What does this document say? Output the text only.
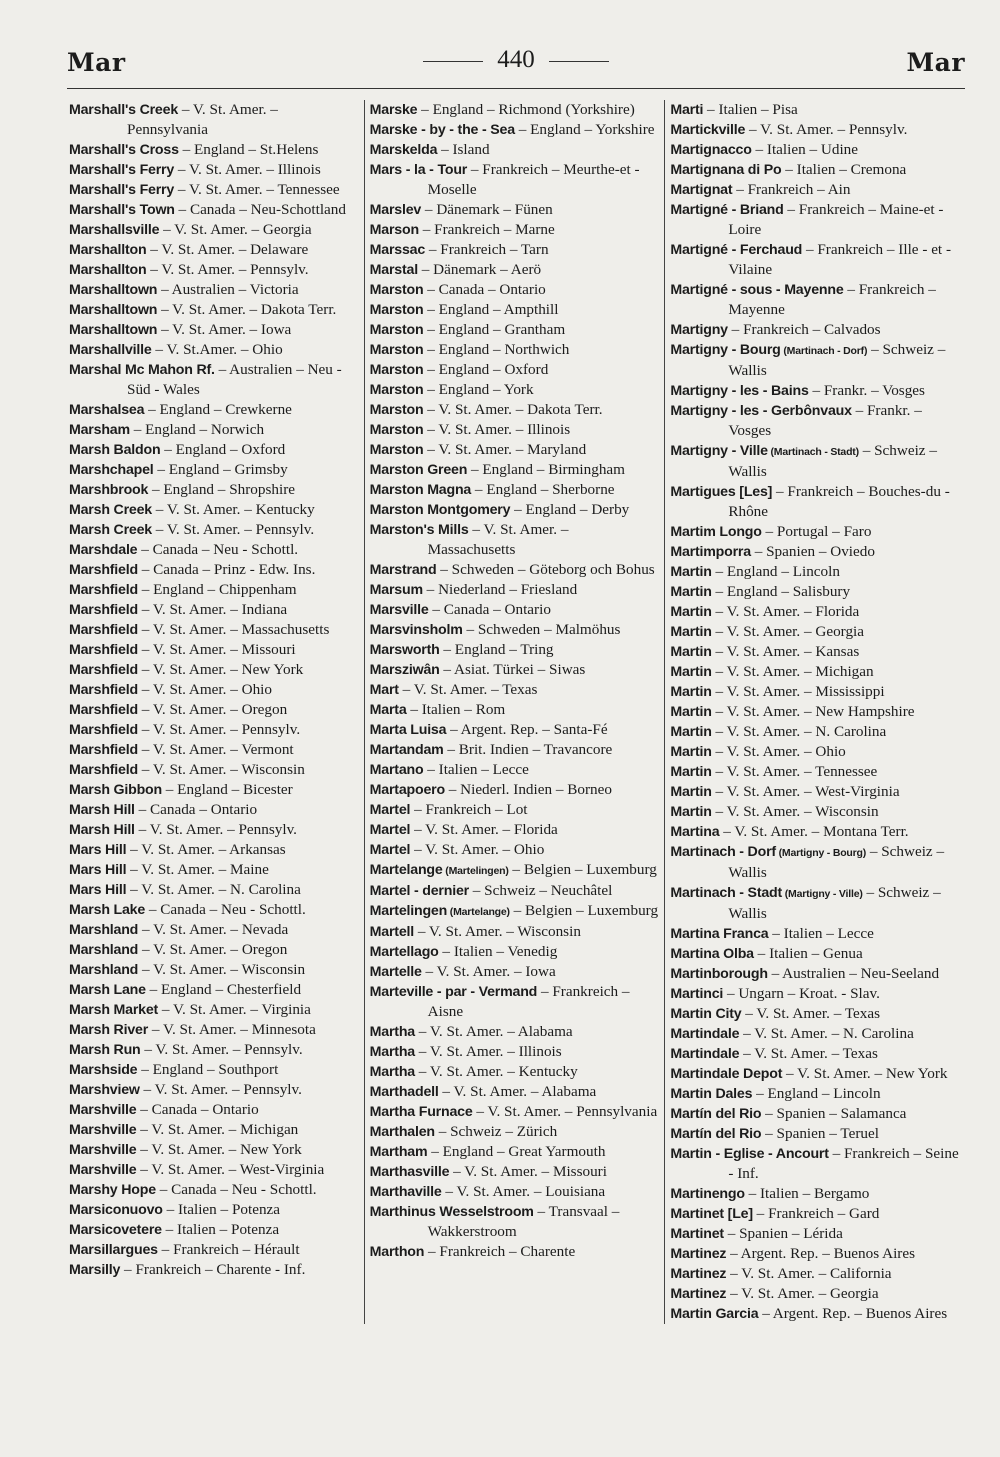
Mar	440	Mar
Marshall's Creek – V. St. Amer. – Pennsylvania
Marshall's Cross – England – St.Helens
Marshall's Ferry – V. St. Amer. – Illinois
Marshall's Ferry – V. St. Amer. – Tennessee
Marshall's Town – Canada – Neu-Schottland
Marshallsville – V. St. Amer. – Georgia
Marshallton – V. St. Amer. – Delaware
Marshallton – V. St. Amer. – Pennsylv.
Marshalltown – Australien – Victoria
Marshalltown – V. St. Amer. – Dakota Terr.
Marshalltown – V. St. Amer. – Iowa
Marshallville – V. St.Amer. – Ohio
Marshal Mc Mahon Rf. – Australien – Neu - Süd - Wales
Marshalsea – England – Crewkerne
Marsham – England – Norwich
Marsh Baldon – England – Oxford
Marshchapel – England – Grimsby
Marshbrook – England – Shropshire
Marsh Creek – V. St. Amer. – Kentucky
Marsh Creek – V. St. Amer. – Pennsylv.
Marshdale – Canada – Neu - Schottl.
Marshfield – Canada – Prinz - Edw. Ins.
Marshfield – England – Chippenham
Marshfield – V. St. Amer. – Indiana
Marshfield – V. St. Amer. – Massachusetts
Marshfield – V. St. Amer. – Missouri
Marshfield – V. St. Amer. – New York
Marshfield – V. St. Amer. – Ohio
Marshfield – V. St. Amer. – Oregon
Marshfield – V. St. Amer. – Pennsylv.
Marshfield – V. St. Amer. – Vermont
Marshfield – V. St. Amer. – Wisconsin
Marsh Gibbon – England – Bicester
Marsh Hill – Canada – Ontario
Marsh Hill – V. St. Amer. – Pennsylv.
Mars Hill – V. St. Amer. – Arkansas
Mars Hill – V. St. Amer. – Maine
Mars Hill – V. St. Amer. – N. Carolina
Marsh Lake – Canada – Neu - Schottl.
Marshland – V. St. Amer. – Nevada
Marshland – V. St. Amer. – Oregon
Marshland – V. St. Amer. – Wisconsin
Marsh Lane – England – Chesterfield
Marsh Market – V. St. Amer. – Virginia
Marsh River – V. St. Amer. – Minnesota
Marsh Run – V. St. Amer. – Pennsylv.
Marshside – England – Southport
Marshview – V. St. Amer. – Pennsylv.
Marshville – Canada – Ontario
Marshville – V. St. Amer. – Michigan
Marshville – V. St. Amer. – New York
Marshville – V. St. Amer. – West-Virginia
Marshy Hope – Canada – Neu - Schottl.
Marsiconuovo – Italien – Potenza
Marsicovetere – Italien – Potenza
Marsillargues – Frankreich – Hérault
Marsilly – Frankreich – Charente - Inf.
Marske – England – Richmond (Yorkshire)
Marske - by - the - Sea – England – Yorkshire
Marskelda – Island
Mars - la - Tour – Frankreich – Meurthe-et - Moselle
Marslev – Dänemark – Fünen
Marson – Frankreich – Marne
Marssac – Frankreich – Tarn
Marstal – Dänemark – Aerö
Marston – Canada – Ontario
Marston – England – Ampthill
Marston – England – Grantham
Marston – England – Northwich
Marston – England – Oxford
Marston – England – York
Marston – V. St. Amer. – Dakota Terr.
Marston – V. St. Amer. – Illinois
Marston – V. St. Amer. – Maryland
Marston Green – England – Birmingham
Marston Magna – England – Sherborne
Marston Montgomery – England – Derby
Marston's Mills – V. St. Amer. – Massachusetts
Marstrand – Schweden – Göteborg och Bohus
Marsum – Niederland – Friesland
Marsville – Canada – Ontario
Marsvinsholm – Schweden – Malmöhus
Marsworth – England – Tring
Marsziwân – Asiat. Türkei – Siwas
Mart – V. St. Amer. – Texas
Marta – Italien – Rom
Marta Luisa – Argent. Rep. – Santa-Fé
Martandam – Brit. Indien – Travancore
Martano – Italien – Lecce
Martapoero – Niederl. Indien – Borneo
Martel – Frankreich – Lot
Martel – V. St. Amer. – Florida
Martel – V. St. Amer. – Ohio
Martelange (Martelingen) – Belgien – Luxemburg
Martel - dernier – Schweiz – Neuchâtel
Martelingen (Martelange) – Belgien – Luxemburg
Martell – V. St. Amer. – Wisconsin
Martellago – Italien – Venedig
Martelle – V. St. Amer. – Iowa
Marteville - par - Vermand – Frankreich – Aisne
Martha – V. St. Amer. – Alabama
Martha – V. St. Amer. – Illinois
Martha – V. St. Amer. – Kentucky
Marthadell – V. St. Amer. – Alabama
Martha Furnace – V. St. Amer. – Pennsylvania
Marthalen – Schweiz – Zürich
Martham – England – Great Yarmouth
Marthasville – V. St. Amer. – Missouri
Marthaville – V. St. Amer. – Louisiana
Marthinus Wesselstroom – Transvaal – Wakkerstroom
Marthon – Frankreich – Charente
Marti – Italien – Pisa
Martickville – V. St. Amer. – Pennsylv.
Martignacco – Italien – Udine
Martignana di Po – Italien – Cremona
Martignat – Frankreich – Ain
Martigné - Briand – Frankreich – Maine-et - Loire
Martigné - Ferchaud – Frankreich – Ille - et - Vilaine
Martigné - sous - Mayenne – Frankreich – Mayenne
Martigny – Frankreich – Calvados
Martigny - Bourg (Martinach - Dorf) – Schweiz – Wallis
Martigny - les - Bains – Frankr. – Vosges
Martigny - les - Gerbônvaux – Frankr. – Vosges
Martigny - Ville (Martinach - Stadt) – Schweiz – Wallis
Martigues [Les] – Frankreich – Bouches-du - Rhône
Martim Longo – Portugal – Faro
Martimporra – Spanien – Oviedo
Martin – England – Lincoln
Martin – England – Salisbury
Martin – V. St. Amer. – Florida
Martin – V. St. Amer. – Georgia
Martin – V. St. Amer. – Kansas
Martin – V. St. Amer. – Michigan
Martin – V. St. Amer. – Mississippi
Martin – V. St. Amer. – New Hampshire
Martin – V. St. Amer. – N. Carolina
Martin – V. St. Amer. – Ohio
Martin – V. St. Amer. – Tennessee
Martin – V. St. Amer. – West-Virginia
Martin – V. St. Amer. – Wisconsin
Martina – V. St. Amer. – Montana Terr.
Martinach - Dorf (Martigny - Bourg) – Schweiz – Wallis
Martinach - Stadt (Martigny - Ville) – Schweiz – Wallis
Martina Franca – Italien – Lecce
Martina Olba – Italien – Genua
Martinborough – Australien – Neu-Seeland
Martinci – Ungarn – Kroat. - Slav.
Martin City – V. St. Amer. – Texas
Martindale – V. St. Amer. – N. Carolina
Martindale – V. St. Amer. – Texas
Martindale Depot – V. St. Amer. – New York
Martin Dales – England – Lincoln
Martín del Rio – Spanien – Salamanca
Martín del Rio – Spanien – Teruel
Martin - Eglise - Ancourt – Frankreich – Seine - Inf.
Martinengo – Italien – Bergamo
Martinet [Le] – Frankreich – Gard
Martinet – Spanien – Lérida
Martinez – Argent. Rep. – Buenos Aires
Martinez – V. St. Amer. – California
Martinez – V. St. Amer. – Georgia
Martin Garcia – Argent. Rep. – Buenos Aires
